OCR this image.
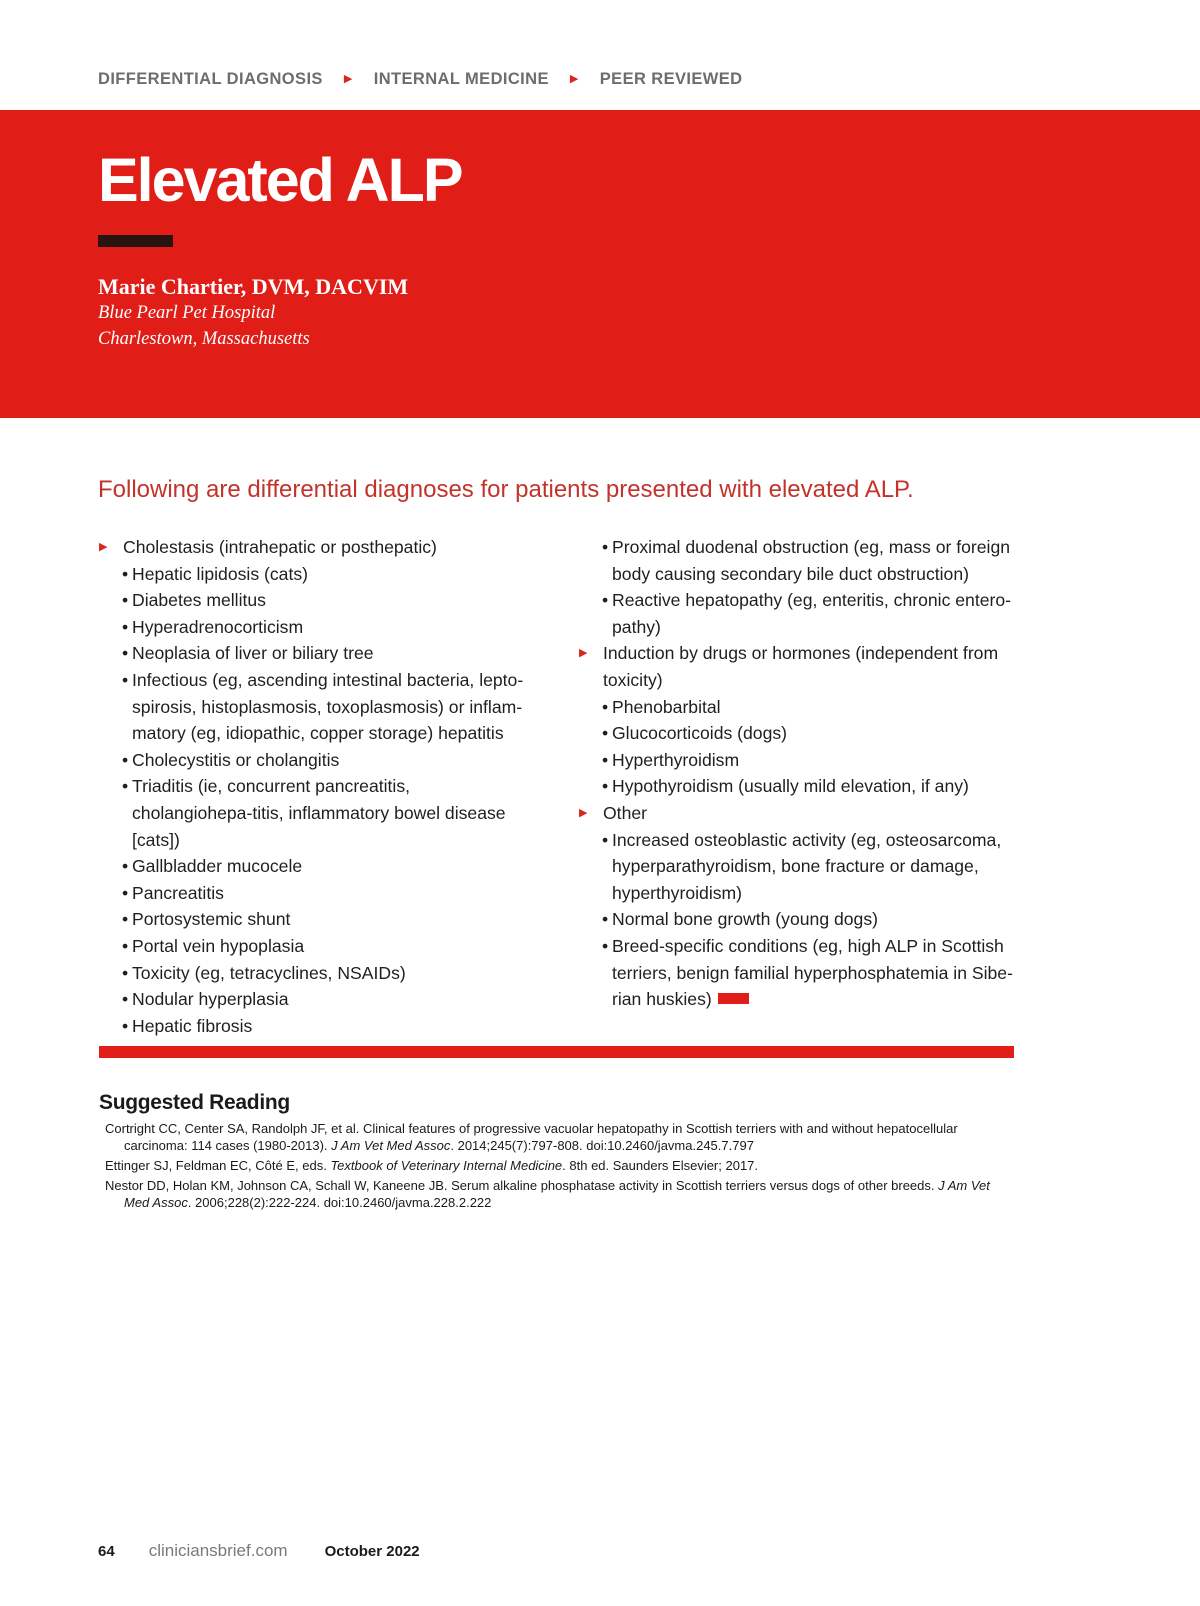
DIFFERENTIAL DIAGNOSIS ▶ INTERNAL MEDICINE ▶ PEER REVIEWED
Elevated ALP
Marie Chartier, DVM, DACVIM
Blue Pearl Pet Hospital
Charlestown, Massachusetts
Following are differential diagnoses for patients presented with elevated ALP.
▶ Cholestasis (intrahepatic or posthepatic)
• Hepatic lipidosis (cats)
• Diabetes mellitus
• Hyperadrenocorticism
• Neoplasia of liver or biliary tree
• Infectious (eg, ascending intestinal bacteria, lepto-spirosis, histoplasmosis, toxoplasmosis) or inflam-matory (eg, idiopathic, copper storage) hepatitis
• Cholecystitis or cholangitis
• Triaditis (ie, concurrent pancreatitis, cholangiohepa-titis, inflammatory bowel disease [cats])
• Gallbladder mucocele
• Pancreatitis
• Portosystemic shunt
• Portal vein hypoplasia
• Toxicity (eg, tetracyclines, NSAIDs)
• Nodular hyperplasia
• Hepatic fibrosis
• Proximal duodenal obstruction (eg, mass or foreign body causing secondary bile duct obstruction)
• Reactive hepatopathy (eg, enteritis, chronic entero-pathy)
▶ Induction by drugs or hormones (independent from toxicity)
• Phenobarbital
• Glucocorticoids (dogs)
• Hyperthyroidism
• Hypothyroidism (usually mild elevation, if any)
▶ Other
• Increased osteoblastic activity (eg, osteosarcoma, hyperparathyroidism, bone fracture or damage, hyperthyroidism)
• Normal bone growth (young dogs)
• Breed-specific conditions (eg, high ALP in Scottish terriers, benign familial hyperphosphatemia in Sibe-rian huskies)
Suggested Reading
Cortright CC, Center SA, Randolph JF, et al. Clinical features of progressive vacuolar hepatopathy in Scottish terriers with and without hepatocellular carcinoma: 114 cases (1980-2013). J Am Vet Med Assoc. 2014;245(7):797-808. doi:10.2460/javma.245.7.797
Ettinger SJ, Feldman EC, Côté E, eds. Textbook of Veterinary Internal Medicine. 8th ed. Saunders Elsevier; 2017.
Nestor DD, Holan KM, Johnson CA, Schall W, Kaneene JB. Serum alkaline phosphatase activity in Scottish terriers versus dogs of other breeds. J Am Vet Med Assoc. 2006;228(2):222-224. doi:10.2460/javma.228.2.222
64 cliniciansbrief.com October 2022
